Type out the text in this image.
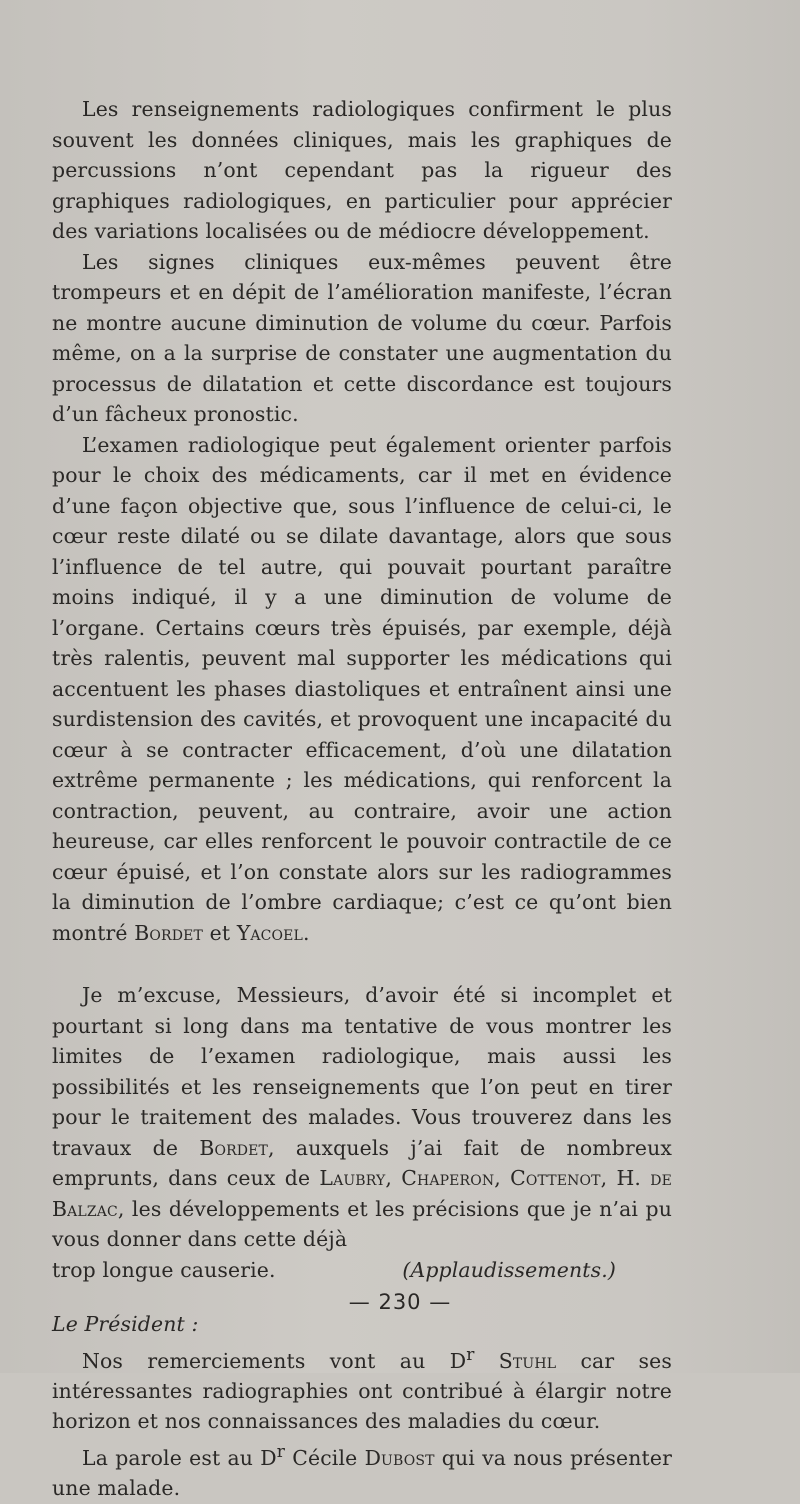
Les renseignements radiologiques confirment le plus souvent les données cliniques, mais les graphiques de percussions n’ont cependant pas la rigueur des graphiques radiologiques, en particulier pour apprécier des variations localisées ou de médiocre développement.

Les signes cliniques eux-mêmes peuvent être trompeurs et en dépit de l’amélioration manifeste, l’écran ne montre aucune diminution de volume du cœur. Parfois même, on a la surprise de constater une augmentation du processus de dilatation et cette discordance est toujours d’un fâcheux pronostic.

L’examen radiologique peut également orienter parfois pour le choix des médicaments, car il met en évidence d’une façon objective que, sous l’influence de celui-ci, le cœur reste dilaté ou se dilate davantage, alors que sous l’influence de tel autre, qui pouvait pourtant paraître moins indiqué, il y a une diminution de volume de l’organe. Certains cœurs très épuisés, par exemple, déjà très ralentis, peuvent mal supporter les médications qui accentuent les phases diastoliques et entraînent ainsi une surdistension des cavités, et provoquent une incapacité du cœur à se contracter efficacement, d’où une dilatation extrême permanente ; les médications, qui renforcent la contraction, peuvent, au contraire, avoir une action heureuse, car elles renforcent le pouvoir contractile de ce cœur épuisé, et l’on constate alors sur les radiogrammes la diminution de l’ombre cardiaque; c’est ce qu’ont bien montré Bordet et Yacoel.

Je m’excuse, Messieurs, d’avoir été si incomplet et pourtant si long dans ma tentative de vous montrer les limites de l’examen radiologique, mais aussi les possibilités et les renseignements que l’on peut en tirer pour le traitement des malades. Vous trouverez dans les travaux de Bordet, auxquels j’ai fait de nombreux emprunts, dans ceux de Laubry, Chaperon, Cottenot, H. de Balzac, les développements et les précisions que je n’ai pu vous donner dans cette déjà

trop longue causerie.	(Applaudissements.)

Le Président :

Nos remerciements vont au $D^r$ Stuhl car ses intéressantes radiographies ont contribué à élargir notre horizon et nos connaissances des maladies du cœur.

La parole est au $D^r$ Cécile Dubost qui va nous présenter une malade.

— 230 —
